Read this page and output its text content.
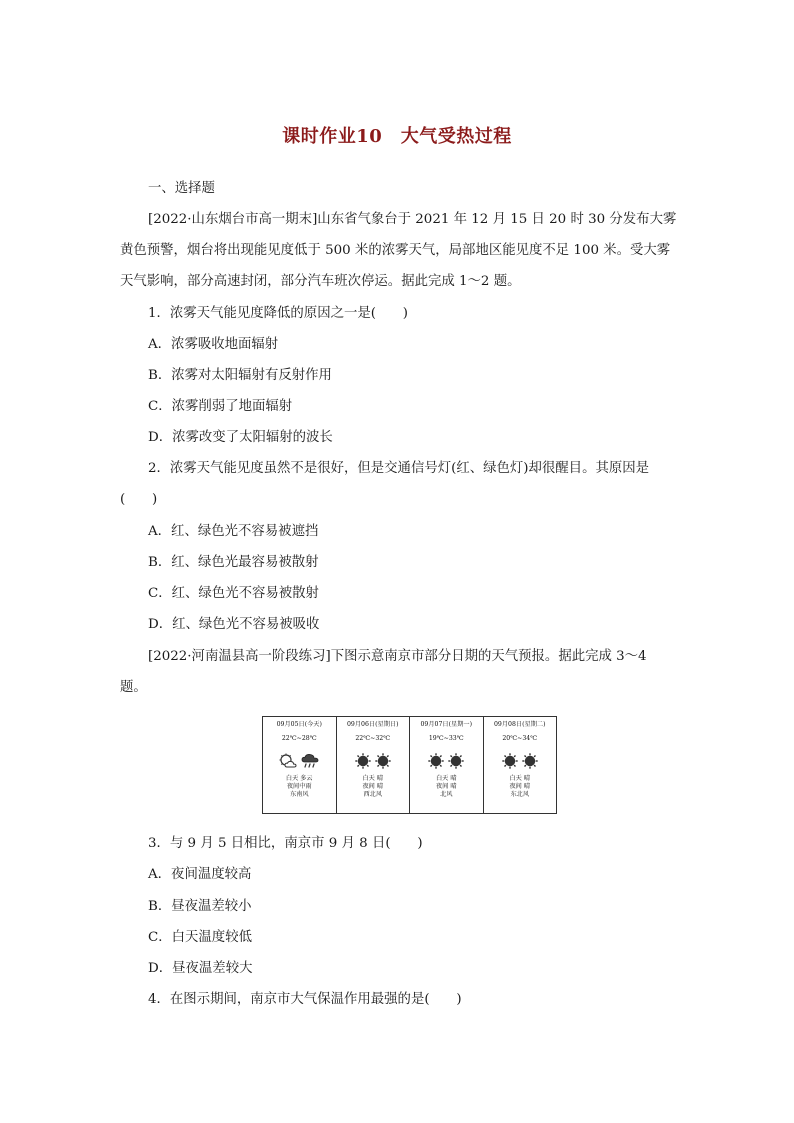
课时作业10　大气受热过程
一、选择题
[2022·山东烟台市高一期末]山东省气象台于 2021 年 12 月 15 日 20 时 30 分发布大雾
黄色预警，烟台将出现能见度低于 500 米的浓雾天气，局部地区能见度不足 100 米。受大雾
天气影响，部分高速封闭，部分汽车班次停运。据此完成 1～2 题。
1．浓雾天气能见度降低的原因之一是(　　)
A．浓雾吸收地面辐射
B．浓雾对太阳辐射有反射作用
C．浓雾削弱了地面辐射
D．浓雾改变了太阳辐射的波长
2．浓雾天气能见度虽然不是很好，但是交通信号灯(红、绿色灯)却很醒目。其原因是
(　　)
A．红、绿色光不容易被遮挡
B．红、绿色光最容易被散射
C．红、绿色光不容易被散射
D．红、绿色光不容易被吸收
[2022·河南温县高一阶段练习]下图示意南京市部分日期的天气预报。据此完成 3～4
题。
09月05日(今天)
22℃~28℃
白天 多云
夜间中雨
东南风
09月06日(星期日)
22℃~32℃
白天 晴
夜间 晴
西北风
09月07日(星期一)
19℃~33℃
白天 晴
夜间 晴
北风
09月08日(星期二)
20℃~34℃
白天 晴
夜间 晴
东北风
3．与 9 月 5 日相比，南京市 9 月 8 日(　　)
A．夜间温度较高
B．昼夜温差较小
C．白天温度较低
D．昼夜温差较大
4．在图示期间，南京市大气保温作用最强的是(　　)
